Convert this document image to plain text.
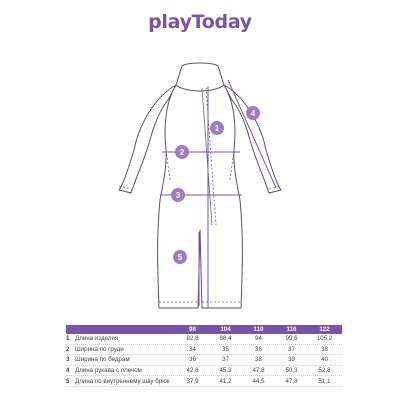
playToday
1
2
3
4
5
98	104	110	116	122
1 Длина изделия	82,8	88,4	94	99,6	105,2
2 Ширина по груди	34	35	36	37	38
3 Ширина по бедрам	36	37	38	39	40
4 Длина рукава с плечом	42,8	45,3	47,8	50,3	52,8
5 Длина по внутреннему шву брюк	37,9	41,2	44,5	47,8	51,1
